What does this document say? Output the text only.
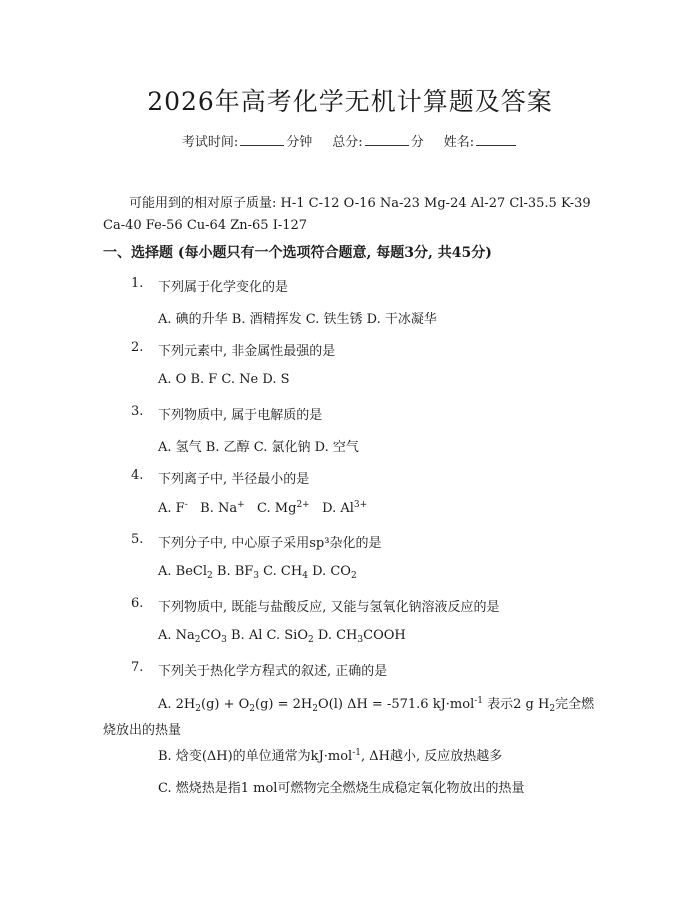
2026年高考化学无机计算题及答案
考试时间:	分钟 总分:	分 姓名:
可能用到的相对原子质量: H-1 C-12 O-16 Na-23 Mg-24 Al-27 Cl-35.5 K-39 Ca-40 Fe-56 Cu-64 Zn-65 I-127
一、选择题 (每小题只有一个选项符合题意, 每题3分, 共45分)
1. 下列属于化学变化的是
A. 碘的升华 B. 酒精挥发 C. 铁生锈 D. 干冰凝华
2. 下列元素中, 非金属性最强的是
A. O B. F C. Ne D. S
3. 下列物质中, 属于电解质的是
A. 氢气 B. 乙醇 C. 氯化钠 D. 空气
4. 下列离子中, 半径最小的是
A. F- B. Na+ C. $Mg^{2+}$ D. $Al^{3+}$
5. 下列分子中, 中心原子采用sp³杂化的是
A. BeCl$_2$ B. $BF_3$ C. $CH_4$ D. $CO_2$
6. 下列物质中, 既能与盐酸反应, 又能与氢氧化钠溶液反应的是
A. $Na_2CO_3$ B. Al C. SiO$_2$ D. $CH_3COOH$
7. 下列关于热化学方程式的叙述, 正确的是
A. $2H_2(g) + O_2(g) = 2H_2O(l) \Delta H = -571.6$ kJ·mol$^{-1}$ 表示2 g $H_2$完全燃烧放出的热量
B. 焓变(ΔH)的单位通常为kJ·mol$^{-1}$, ΔH越小, 反应放热越多
C. 燃烧热是指1 mol可燃物完全燃烧生成稳定氧化物放出的热量
